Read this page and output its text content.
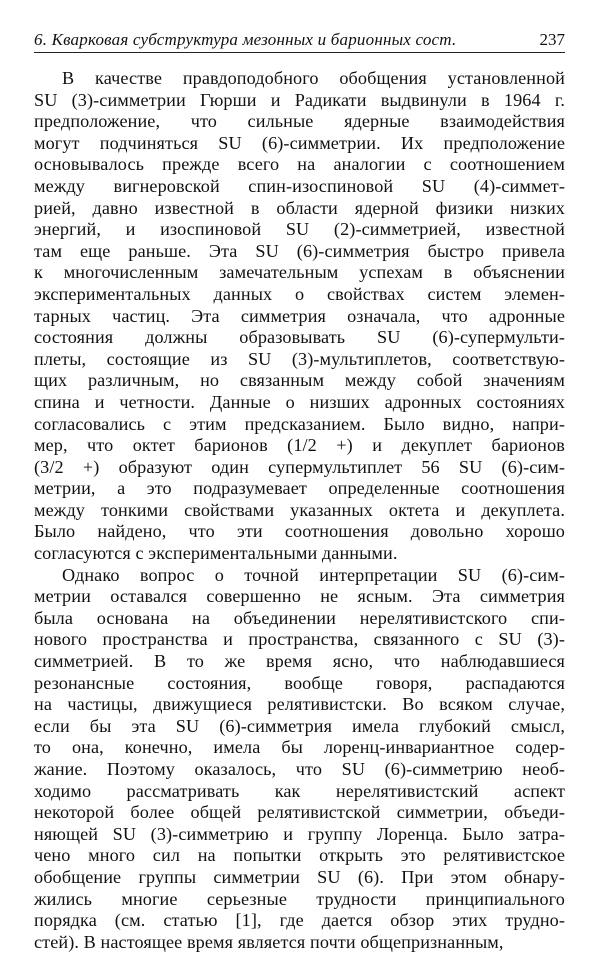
6. Кварковая субструктура мезонных и барионных сост.	237
В качестве правдоподобного обобщения установленной
SU (3)-симметрии Гюрши и Радикати выдвинули в 1964 г.
предположение, что сильные ядерные взаимодействия
могут подчиняться SU (6)-симметрии. Их предположение
основывалось прежде всего на аналогии с соотношением
между вигнеровской спин-изоспиновой SU (4)-симмет-
рией, давно известной в области ядерной физики низких
энергий, и изоспиновой SU (2)-симметрией, известной
там еще раньше. Эта SU (6)-симметрия быстро привела
к многочисленным замечательным успехам в объяснении
экспериментальных данных о свойствах систем элемен-
тарных частиц. Эта симметрия означала, что адронные
состояния должны образовывать SU (6)-супермульти-
плеты, состоящие из SU (3)-мультиплетов, соответствую-
щих различным, но связанным между собой значениям
спина и четности. Данные о низших адронных состояниях
согласовались с этим предсказанием. Было видно, напри-
мер, что октет барионов (1/2 +) и декуплет барионов
(3/2 +) образуют один супермультиплет 56 SU (6)-сим-
метрии, а это подразумевает определенные соотношения
между тонкими свойствами указанных октета и декуплета.
Было найдено, что эти соотношения довольно хорошо
согласуются с экспериментальными данными.
Однако вопрос о точной интерпретации SU (6)-сим-
метрии оставался совершенно не ясным. Эта симметрия
была основана на объединении нерелятивистского спи-
нового пространства и пространства, связанного с SU (3)-
симметрией. В то же время ясно, что наблюдавшиеся
резонансные состояния, вообще говоря, распадаются
на частицы, движущиеся релятивистски. Во всяком случае,
если бы эта SU (6)-симметрия имела глубокий смысл,
то она, конечно, имела бы лоренц-инвариантное содер-
жание. Поэтому оказалось, что SU (6)-симметрию необ-
ходимо рассматривать как нерелятивистский аспект
некоторой более общей релятивистской симметрии, объеди-
няющей SU (3)-симметрию и группу Лоренца. Было затра-
чено много сил на попытки открыть это релятивистское
обобщение группы симметрии SU (6). При этом обнару-
жились многие серьезные трудности принципиального
порядка (см. статью [1], где дается обзор этих трудно-
стей). В настоящее время является почти общепризнанным,
